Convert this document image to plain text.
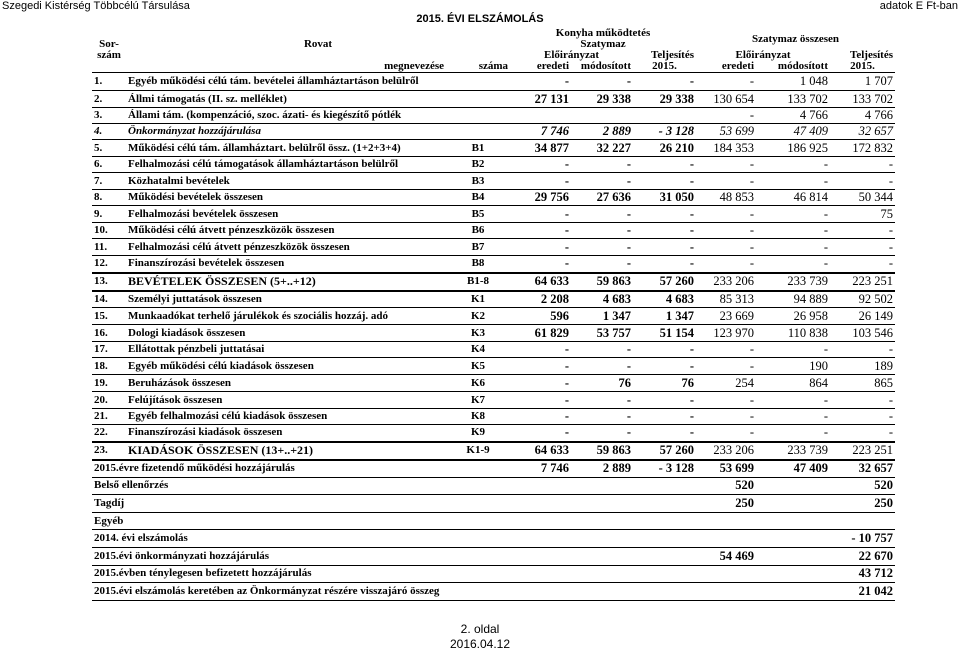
Szegedi Kistérség Többcélú Társulása
2015. ÉVI ELSZÁMOLÁS
adatok E Ft-ban
Sor-
szám	Rovat		Konyha működtetés
Szatymaz			Szatymaz összesen		
			Előirányzat		Teljesítés	Előirányzat		Teljesítés
	megnevezése	száma	eredeti	módosított	2015.	eredeti	módosított	2015.
1.	Egyéb működési célú tám. bevételei államháztartáson belülről		-	-	-	-	1 048	1 707
2.	Állmi támogatás (II. sz. melléklet)		27 131	29 338	29 338	130 654	133 702	133 702
3.	Állami tám. (kompenzáció, szoc. ázati- és kiegészítő pótlék					-	4 766	4 766
4.	Önkormányzat hozzájárulása		7 746	2 889	- 3 128	53 699	47 409	32 657
5.	Működési célú tám. államháztart. belülről össz. (1+2+3+4)	B1	34 877	32 227	26 210	184 353	186 925	172 832
6.	Felhalmozási célú támogatások államháztartáson belülről	B2	-	-	-	-	-	-
7.	Közhatalmi bevételek	B3	-	-	-	-	-	-
8.	Működési bevételek összesen	B4	29 756	27 636	31 050	48 853	46 814	50 344
9.	Felhalmozási bevételek összesen	B5	-	-	-	-	-	75
10.	Működési célú átvett pénzeszközök összesen	B6	-	-	-	-	-	-
11.	Felhalmozási célú átvett pénzeszközök összesen	B7	-	-	-	-	-	-
12.	Finanszírozási bevételek összesen	B8	-	-	-	-	-	-
13.	BEVÉTELEK ÖSSZESEN (5+..+12)	B1-8	64 633	59 863	57 260	233 206	233 739	223 251
14.	Személyi juttatások összesen	K1	2 208	4 683	4 683	85 313	94 889	92 502
15.	Munkaadókat terhelő járulékok és szociális hozzáj. adó	K2	596	1 347	1 347	23 669	26 958	26 149
16.	Dologi kiadások összesen	K3	61 829	53 757	51 154	123 970	110 838	103 546
17.	Ellátottak pénzbeli juttatásai	K4	-	-	-	-	-	-
18.	Egyéb működési célú kiadások összesen	K5	-	-	-	-	190	189
19.	Beruházások összesen	K6	-	76	76	254	864	865
20.	Felújítások összesen	K7	-	-	-	-	-	-
21.	Egyéb felhalmozási célú kiadások összesen	K8	-	-	-	-	-	-
22.	Finanszírozási kiadások összesen	K9	-	-	-	-	-	-
23.	KIADÁSOK ÖSSZESEN (13+..+21)	K1-9	64 633	59 863	57 260	233 206	233 739	223 251
2015.évre fizetendő működési hozzájárulás			7 746	2 889	- 3 128	53 699	47 409	32 657
Belső ellenőrzés						520		520
Tagdíj						250		250
Egyéb								
2014. évi elszámolás								- 10 757
2015.évi önkormányzati hozzájárulás						54 469		22 670
2015.évben ténylegesen befizetett hozzájárulás								43 712
2015.évi elszámolás keretében az Önkormányzat részére visszajáró összeg								21 042
2. oldal
2016.04.12
